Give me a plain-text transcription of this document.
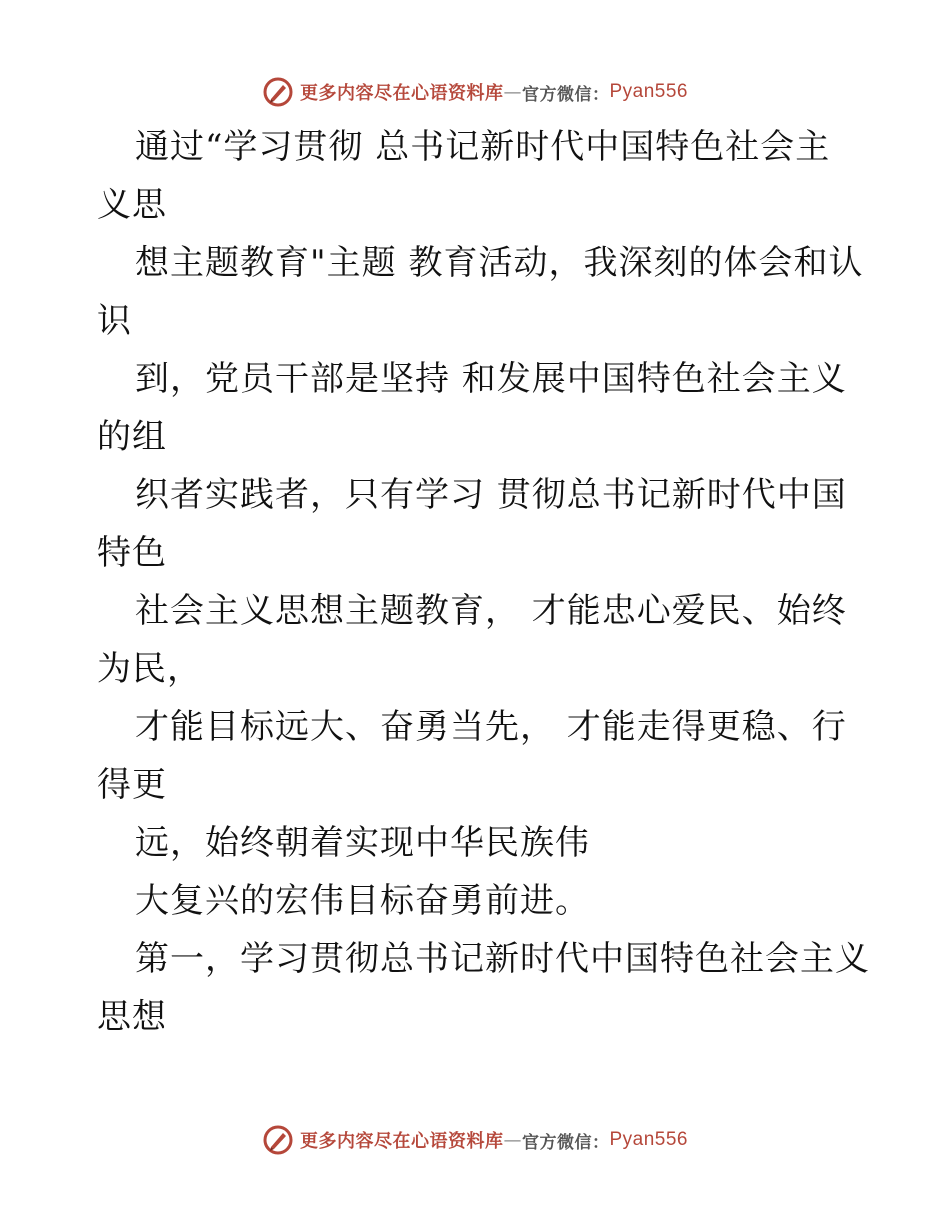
更多内容尽在心语资料库 — 官方微信： Pyan556
通过“学习贯彻 总书记新时代中国特色社会主
义思
想主题教育"主题 教育活动，我深刻的体会和认
识
到，党员干部是坚持 和发展中国特色社会主义
的组
织者实践者，只有学习 贯彻总书记新时代中国
特色
社会主义思想主题教育， 才能忠心爱民、始终
为民，
才能目标远大、奋勇当先， 才能走得更稳、行
得更
远，始终朝着实现中华民族伟
大复兴的宏伟目标奋勇前进。
第一，学习贯彻总书记新时代中国特色社会主义
思想
更多内容尽在心语资料库 — 官方微信： Pyan556
